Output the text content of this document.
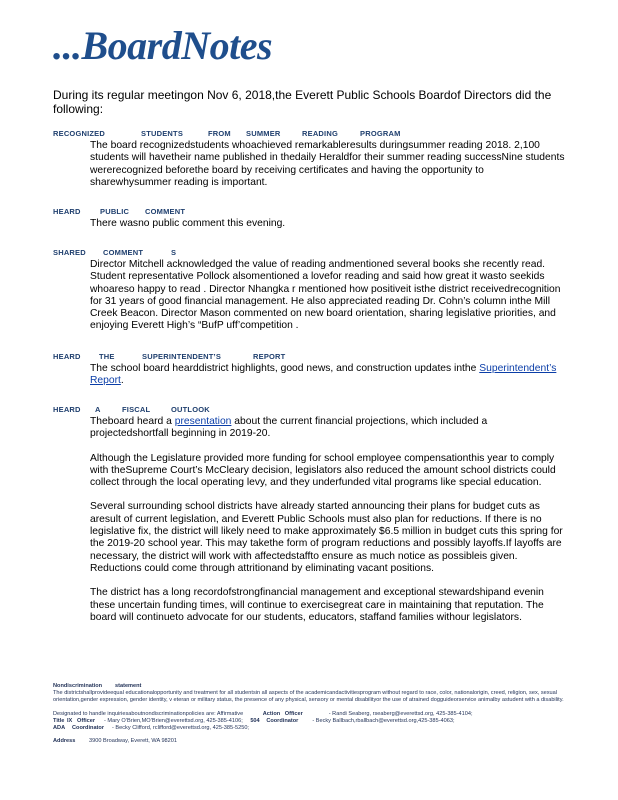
...BoardNotes
During its regular meetingon Nov 6, 2018,the Everett Public Schools Boardof Directors did the following:
RECOGNIZED	STUDENTS	FROM SUMMER	READING	PROGRAM

The board recognizedstudents whoachieved remarkableresults duringsummer reading 2018. 2,100 students will havetheir name published in thedaily Heraldfor their summer reading successNine students wererecognized beforethe board by receiving certificates and having the opportunity to sharewhysummer reading is important.

HEARD	PUBLIC COMMENT

There wasno public comment this evening.

SHARED COMMENT	S

Director Mitchell acknowledged the value of reading andmentioned several books she recently read. Student representative Pollock alsomentioned a lovefor reading and said how great it wasto seekids whoareso happy to read . Director Nhangka r mentioned how positiveit isthe district receivedrecognition for 31 years of good financial management. He also appreciated reading Dr. Cohn’s column inthe Mill Creek Beacon. Director Mason commented on new board orientation, sharing legislative priorities, and enjoying Everett High’s “BufP uff’competition .

HEARD THE	SUPERINTENDENT’S	REPORT

The school board hearddistrict highlights, good news, and construction updates inthe Superintendent’s Report.

HEARD A	FISCAL	OUTLOOK

Theboard heard a presentation about the current financial projections, which included a projectedshortfall beginning in 2019-20.

Although the Legislature provided more funding for school employee compensationthis year to comply with theSupreme Court’s McCleary decision, legislators also reduced the amount school districts could collect through the local operating levy, and they underfunded vital programs like special education.

Several surrounding school districts have already started announcing their plans for budget cuts as aresult of current legislation, and Everett Public Schools must also plan for reductions. If there is no legislative fix, the district will likely need to make approximately $6.5 million in budget cuts this spring for the 2019-20 school year. This may takethe form of program reductions and possibly layoffs.If layoffs are necessary, the district will work with affectedstaffto ensure as much notice as possibleis given. Reductions could come through attritionand by eliminating vacant positions.

The district has a long recordofstrongfinancial management and exceptional stewardshipand evenin these uncertain funding times, will continue to exercisegreat care in maintaining that reputation. The board will continueto advocate for our students, educators, staffand families withour legislators.

Nondiscrimination statement
The districtshallprovideequal educationalopportunity and treatment for all studentsin all aspects of the academicandactivitiesprogram without regard to race, color, nationalorigin, creed, religion, sex, sexual orientation,gender expression, gender identity, v eteran or military status, the presence of any physical, sensory or mental disabilityor the use of atrained dogguideorservice animalby astudent with a disability.
Designated to handle inquiriesaboutnondiscriminationpolicies are: Affirmative	Action Officer	- Randi Seaberg, rseaberg@everettsd.org, 425-385-4104;
Title IX Officer - Mary O’Brien,MO’Brien@everettsd.org, 425-385-4106; 504 Coordinator - Becky Ballbach,rballbach@everettsd.org,425-385-4063;
ADA Coordinator - Becky Clifford, rclifford@everettsd.org, 425-385-5250;
Address 3900 Broadway, Everett, WA 98201
